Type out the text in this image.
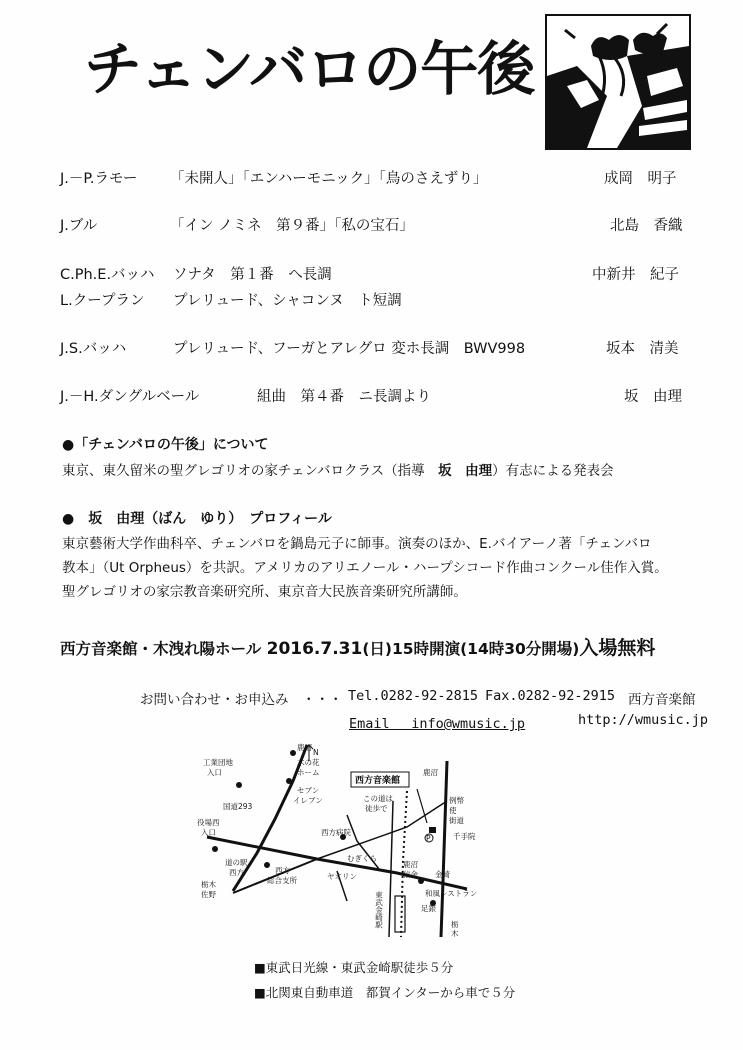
チェンバロの午後
J.－P.ラモー 「未開人」「エンハーモニック」「鳥のさえずり」	成岡　明子
J.ブル	「イン ノミネ　第９番」「私の宝石」	北島　香織
C.Ph.E.バッハ ソナタ　第１番　へ長調	中新井　紀子
L.クープラン プレリュード、シャコンヌ　ト短調
J.S.バッハ	プレリュード、フーガとアレグロ 変ホ長調　BWV998	坂本　清美
J.－H.ダングルベール	組曲　第４番　ニ長調より	坂　由理
●「チェンバロの午後」について
東京、東久留米の聖グレゴリオの家チェンバロクラス（指導　坂　由理）有志による発表会
●　坂　由理（ばん　ゆり）　プロフィール
東京藝術大学作曲科卒、チェンバロを鍋島元子に師事。演奏のほか、E.バイアーノ著「チェンバロ
教本」（Ut Orpheus）を共訳。アメリカのアリエノール・ハープシコード作曲コンクール佳作入賞。
聖グレゴリオの家宗教音楽研究所、東京音大民族音楽研究所講師。
西方音楽館・木洩れ陽ホール 2016.7.31(日)15時開演(14時30分開場)入場無料
お問い合わせ・お申込み　・・・ Tel.0282-92-2815 Fax.0282-92-2915 西方音楽館
Email　 info@wmusic.jp	http://wmusic.jp
P
西方音楽館
N
鹿沼
工業団地
入口
木の花
ホーム
セブン
イレブン
国道293
鹿沼
例幣
使
街道
この道は
徒歩で
千手院
役場西
入口	西方病院
金崎
和風レストラン
道の駅
西方
むぎくら
鹿沼
信金
足銀
西方
総合支所	ヤオリン
栃木
佐野	東武金崎駅	栃
木
■東武日光線・東武金崎駅徒歩５分
■北関東自動車道　都賀インターから車で５分
